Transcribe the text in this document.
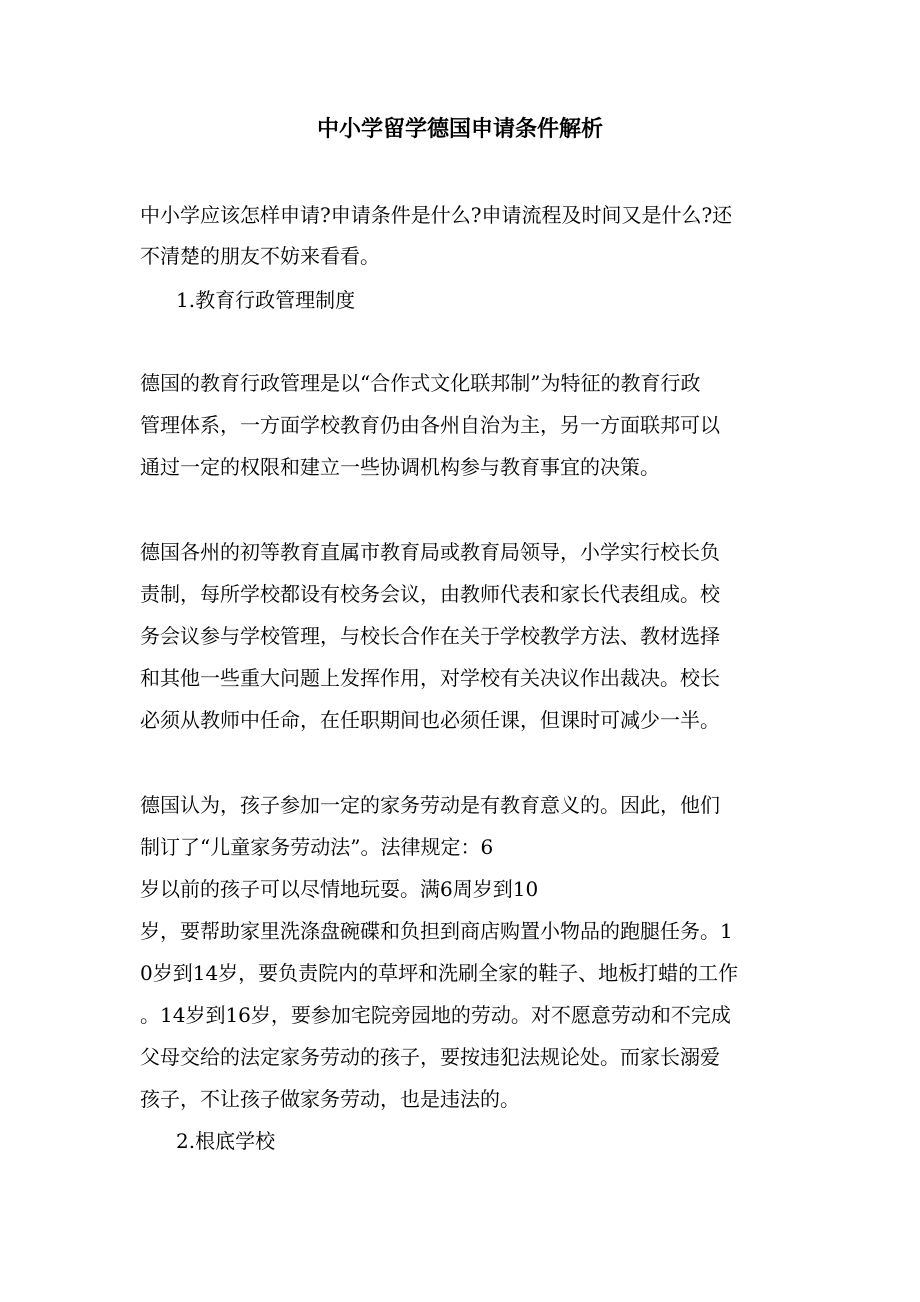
中小学留学德国申请条件解析
中小学应该怎样申请?申请条件是什么?申请流程及时间又是什么?还
不清楚的朋友不妨来看看。
1.教育行政管理制度
德国的教育行政管理是以“合作式文化联邦制”为特征的教育行政
管理体系，一方面学校教育仍由各州自治为主，另一方面联邦可以
通过一定的权限和建立一些协调机构参与教育事宜的决策。
德国各州的初等教育直属市教育局或教育局领导，小学实行校长负
责制，每所学校都设有校务会议，由教师代表和家长代表组成。校
务会议参与学校管理，与校长合作在关于学校教学方法、教材选择
和其他一些重大问题上发挥作用，对学校有关决议作出裁决。校长
必须从教师中任命，在任职期间也必须任课，但课时可减少一半。
德国认为，孩子参加一定的家务劳动是有教育意义的。因此，他们
制订了“儿童家务劳动法”。法律规定：6
岁以前的孩子可以尽情地玩耍。满6周岁到10
岁，要帮助家里洗涤盘碗碟和负担到商店购置小物品的跑腿任务。1
0岁到14岁，要负责院内的草坪和洗刷全家的鞋子、地板打蜡的工作
。14岁到16岁，要参加宅院旁园地的劳动。对不愿意劳动和不完成
父母交给的法定家务劳动的孩子，要按违犯法规论处。而家长溺爱
孩子，不让孩子做家务劳动，也是违法的。
2.根底学校
